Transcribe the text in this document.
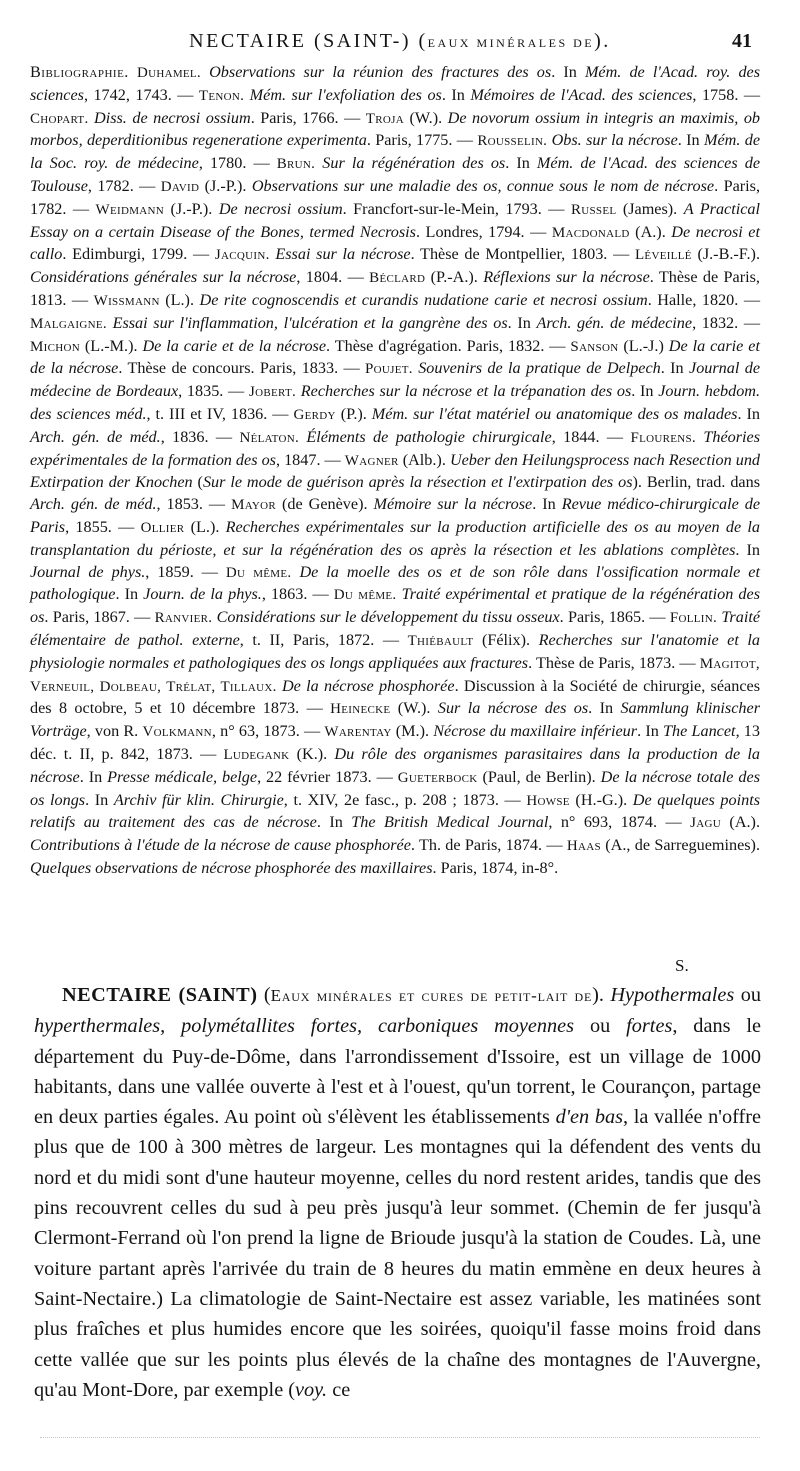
NECTAIRE (SAINT-) (EAUX MINÉRALES DE).	41

Bibliographie. Duhamel. Observations sur la réunion des fractures des os. In Mém. de l'Acad. roy. des sciences, 1742, 1743. — Tenon. Mém. sur l'exfoliation des os. In Mémoires de l'Acad. des sciences, 1758. — Chopart. Diss. de necrosi ossium. Paris, 1766. — Troja (W.). De novorum ossium in integris an maximis, ob morbos, deperditionibus regeneratione experimenta. Paris, 1775. — Rousselin. Obs. sur la nécrose. In Mém. de la Soc. roy. de médecine, 1780. — Brun. Sur la régénération des os. In Mém. de l'Acad. des sciences de Toulouse, 1782. — David (J.-P.). Observations sur une maladie des os, connue sous le nom de nécrose. Paris, 1782. — Weidmann (J.-P.). De necrosi ossium. Francfort-sur-le-Mein, 1793. — Russel (James). A Practical Essay on a certain Disease of the Bones, termed Necrosis. Londres, 1794. — Macdonald (A.). De necrosi et callo. Edimburgi, 1799. — Jacquin. Essai sur la nécrose. Thèse de Montpellier, 1803. — Léveillé (J.-B.-F.). Considérations générales sur la nécrose, 1804. — Béclard (P.-A.). Réflexions sur la nécrose. Thèse de Paris, 1813. — Wissmann (L.). De rite cognoscendis et curandis nudatione carie et necrosi ossium. Halle, 1820. — Malgaigne. Essai sur l'inflammation, l'ulcération et la gangrène des os. In Arch. gén. de médecine, 1832. — Michon (L.-M.). De la carie et de la nécrose. Thèse d'agrégation. Paris, 1832. — Sanson (L.-J.) De la carie et de la nécrose. Thèse de concours. Paris, 1833. — Poujet. Souvenirs de la pratique de Delpech. In Journal de médecine de Bordeaux, 1835. — Jobert. Recherches sur la nécrose et la trépanation des os. In Journ. hebdom. des sciences méd., t. III et IV, 1836. — Gerdy (P.). Mém. sur l'état matériel ou anatomique des os malades. In Arch. gén. de méd., 1836. — Nélaton. Éléments de pathologie chirurgicale, 1844. — Flourens. Théories expérimentales de la formation des os, 1847. — Wagner (Alb.). Ueber den Heilungsprocess nach Resection und Extirpation der Knochen (Sur le mode de guérison après la résection et l'extirpation des os). Berlin, trad. dans Arch. gén. de méd., 1853. — Mayor (de Genève). Mémoire sur la nécrose. In Revue médico-chirurgicale de Paris, 1855. — Ollier (L.). Recherches expérimentales sur la production artificielle des os au moyen de la transplantation du périoste, et sur la régénération des os après la résection et les ablations complètes. In Journal de phys., 1859. — Du même. De la moelle des os et de son rôle dans l'ossification normale et pathologique. In Journ. de la phys., 1863. — Du même. Traité expérimental et pratique de la régénération des os. Paris, 1867. — Ranvier. Considérations sur le développement du tissu osseux. Paris, 1865. — Follin. Traité élémentaire de pathol. externe, t. II, Paris, 1872. — Thiébault (Félix). Recherches sur l'anatomie et la physiologie normales et pathologiques des os longs appliquées aux fractures. Thèse de Paris, 1873. — Magitot, Verneuil, Dolbeau, Trélat, Tillaux. De la nécrose phosphorée. Discussion à la Société de chirurgie, séances des 8 octobre, 5 et 10 décembre 1873. — Heinecke (W.). Sur la nécrose des os. In Sammlung klinischer Vorträge, von R. Volkmann, n° 63, 1873. — Warentay (M.). Nécrose du maxillaire inférieur. In The Lancet, 13 déc. t. II, p. 842, 1873. — Ludegank (K.). Du rôle des organismes parasitaires dans la production de la nécrose. In Presse médicale, belge, 22 février 1873. — Gueterbock (Paul, de Berlin). De la nécrose totale des os longs. In Archiv für klin. Chirurgie, t. XIV, 2e fasc., p. 208 ; 1873. — Howse (H.-G.). De quelques points relatifs au traitement des cas de nécrose. In The British Medical Journal, n° 693, 1874. — Jagu (A.). Contributions à l'étude de la nécrose de cause phosphorée. Th. de Paris, 1874. — Haas (A., de Sarreguemines). Quelques observations de nécrose phosphorée des maxillaires. Paris, 1874, in-8°.

S.

NECTAIRE (SAINT) (Eaux minérales et cures de petit-lait de). Hypothermales ou hyperthermales, polymétallites fortes, carboniques moyennes ou fortes, dans le département du Puy-de-Dôme, dans l'arrondissement d'Issoire, est un village de 1000 habitants, dans une vallée ouverte à l'est et à l'ouest, qu'un torrent, le Courançon, partage en deux parties égales. Au point où s'élèvent les établissements d'en bas, la vallée n'offre plus que de 100 à 300 mètres de largeur. Les montagnes qui la défendent des vents du nord et du midi sont d'une hauteur moyenne, celles du nord restent arides, tandis que des pins recouvrent celles du sud à peu près jusqu'à leur sommet. (Chemin de fer jusqu'à Clermont-Ferrand où l'on prend la ligne de Brioude jusqu'à la station de Coudes. Là, une voiture partant après l'arrivée du train de 8 heures du matin emmène en deux heures à Saint-Nectaire.) La climatologie de Saint-Nectaire est assez variable, les matinées sont plus fraîches et plus humides encore que les soirées, quoiqu'il fasse moins froid dans cette vallée que sur les points plus élevés de la chaîne des montagnes de l'Auvergne, qu'au Mont-Dore, par exemple (voy. ce
